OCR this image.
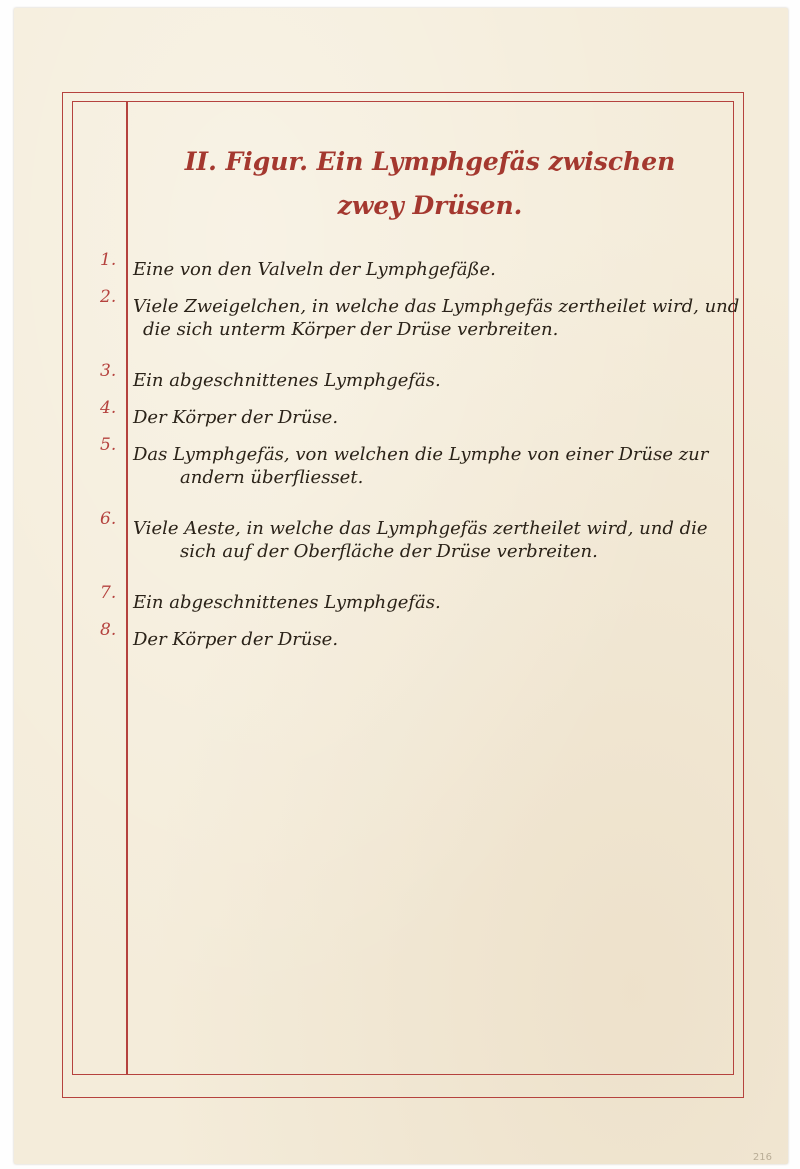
II. Figur. Ein Lymphgefäs zwischen zwey Drüsen.
1. Eine von den Valveln der Lymphgefäße.
2. Viele Zweigelchen, in welche das Lymphgefäs zertheilet wird, und
die sich unterm Körper der Drüse verbreiten.
3. Ein abgeschnittenes Lymphgefäs.
4. Der Körper der Drüse.
5. Das Lymphgefäs, von welchen die Lymphe von einer Drüse zur
andern überfliesset.
6. Viele Aeste, in welche das Lymphgefäs zertheilet wird, und die
sich auf der Oberfläche der Drüse verbreiten.
7. Ein abgeschnittenes Lymphgefäs.
8. Der Körper der Drüse.
216
